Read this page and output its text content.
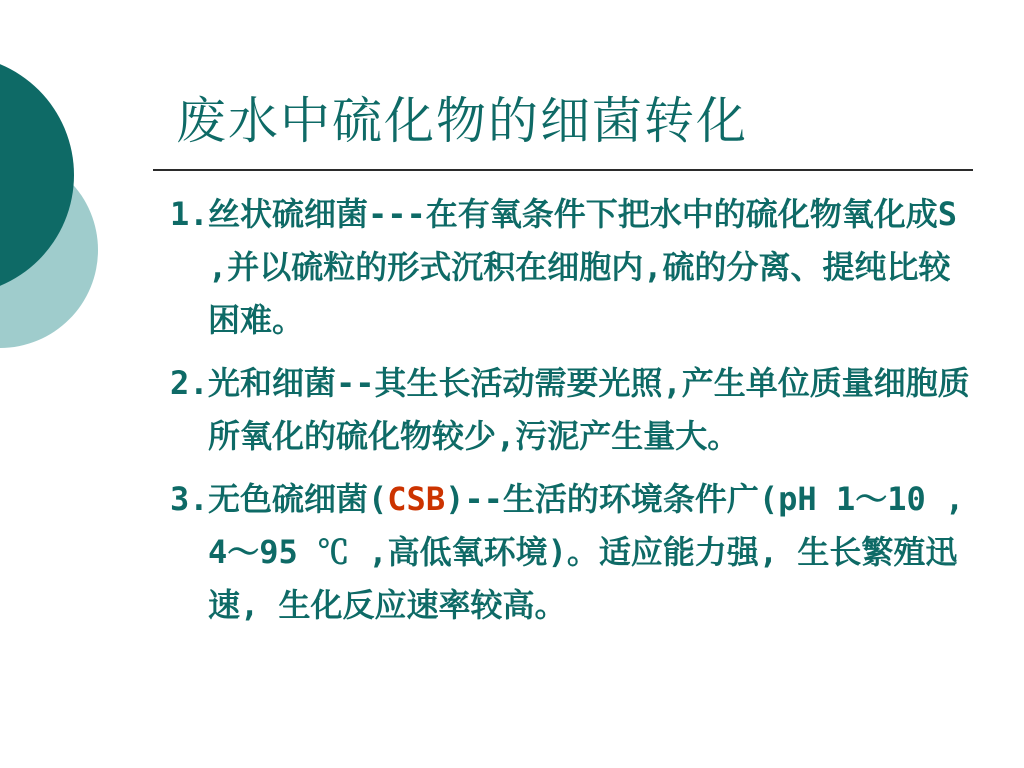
废水中硫化物的细菌转化
1. 丝状硫细菌---在有氧条件下把水中的硫化物氧化成S ,并以硫粒的形式沉积在细胞内,硫的分离、提纯比较困难。
2. 光和细菌--其生长活动需要光照,产生单位质量细胞质所氧化的硫化物较少,污泥产生量大。
3. 无色硫细菌(CSB)--生活的环境条件广(pH 1～10 , 4～95 ℃ ,高低氧环境)。适应能力强, 生长繁殖迅速, 生化反应速率较高。
